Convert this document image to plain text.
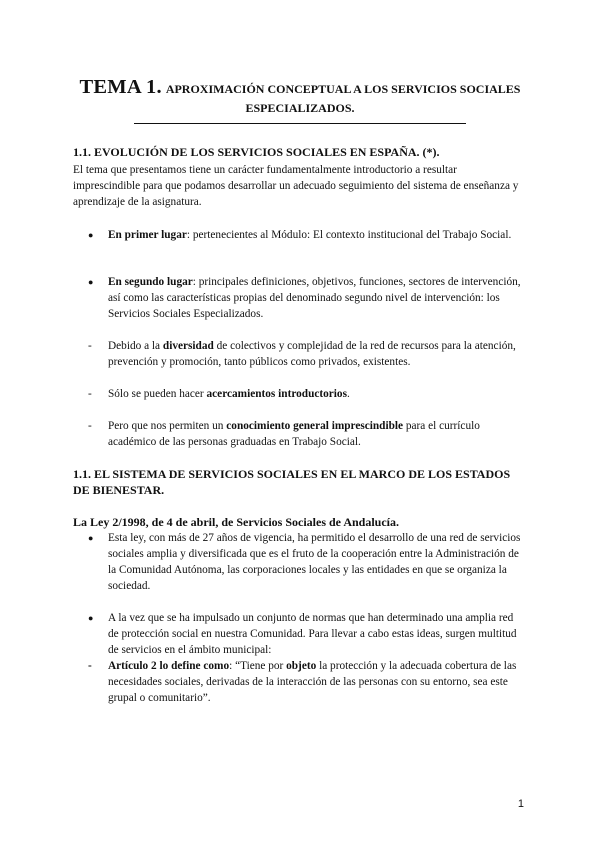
TEMA 1. APROXIMACIÓN CONCEPTUAL A LOS SERVICIOS SOCIALES
ESPECIALIZADOS.
1.1. EVOLUCIÓN DE LOS SERVICIOS SOCIALES EN ESPAÑA. (*).
El tema que presentamos tiene un carácter fundamentalmente introductorio a resultar imprescindible para que podamos desarrollar un adecuado seguimiento del sistema de enseñanza y aprendizaje de la asignatura.
●	En primer lugar: pertenecientes al Módulo: El contexto institucional del Trabajo Social.
●	En segundo lugar: principales definiciones, objetivos, funciones, sectores de intervención, así como las características propias del denominado segundo nivel de intervención: los Servicios Sociales Especializados.
-	Debido a la diversidad de colectivos y complejidad de la red de recursos para la atención, prevención y promoción, tanto públicos como privados, existentes.
-	Sólo se pueden hacer acercamientos introductorios.
-	Pero que nos permiten un conocimiento general imprescindible para el currículo académico de las personas graduadas en Trabajo Social.
1.1. EL SISTEMA DE SERVICIOS SOCIALES EN EL MARCO DE LOS ESTADOS DE BIENESTAR.
La Ley 2/1998, de 4 de abril, de Servicios Sociales de Andalucía.
●	Esta ley, con más de 27 años de vigencia, ha permitido el desarrollo de una red de servicios sociales amplia y diversificada que es el fruto de la cooperación entre la Administración de la Comunidad Autónoma, las corporaciones locales y las entidades en que se organiza la sociedad.
●	A la vez que se ha impulsado un conjunto de normas que han determinado una amplia red de protección social en nuestra Comunidad. Para llevar a cabo estas ideas, surgen multitud de servicios en el ámbito municipal:
-	Artículo 2 lo define como: “Tiene por objeto la protección y la adecuada cobertura de las necesidades sociales, derivadas de la interacción de las personas con su entorno, sea este grupal o comunitario”.
1
